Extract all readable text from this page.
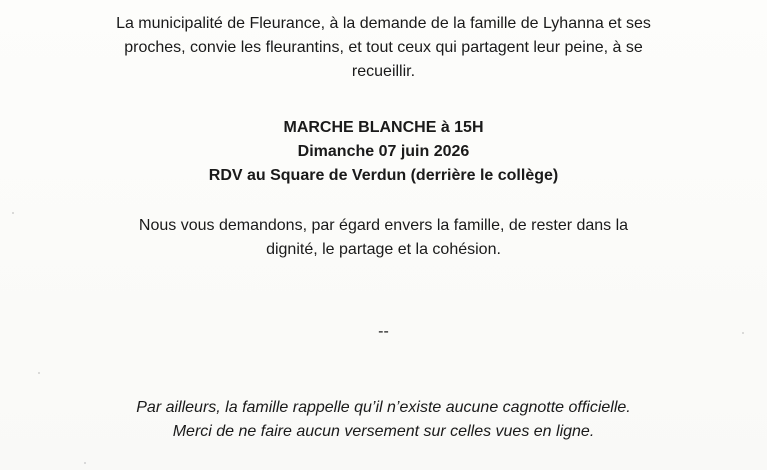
La municipalité de Fleurance, à la demande de la famille de Lyhanna et ses
proches, convie les fleurantins, et tout ceux qui partagent leur peine, à se
recueillir.

MARCHE BLANCHE à 15H
Dimanche 07 juin 2026
RDV au Square de Verdun (derrière le collège)

Nous vous demandons, par égard envers la famille, de rester dans la
dignité, le partage et la cohésion.

--

Par ailleurs, la famille rappelle qu’il n’existe aucune cagnotte officielle.
Merci de ne faire aucun versement sur celles vues en ligne.
